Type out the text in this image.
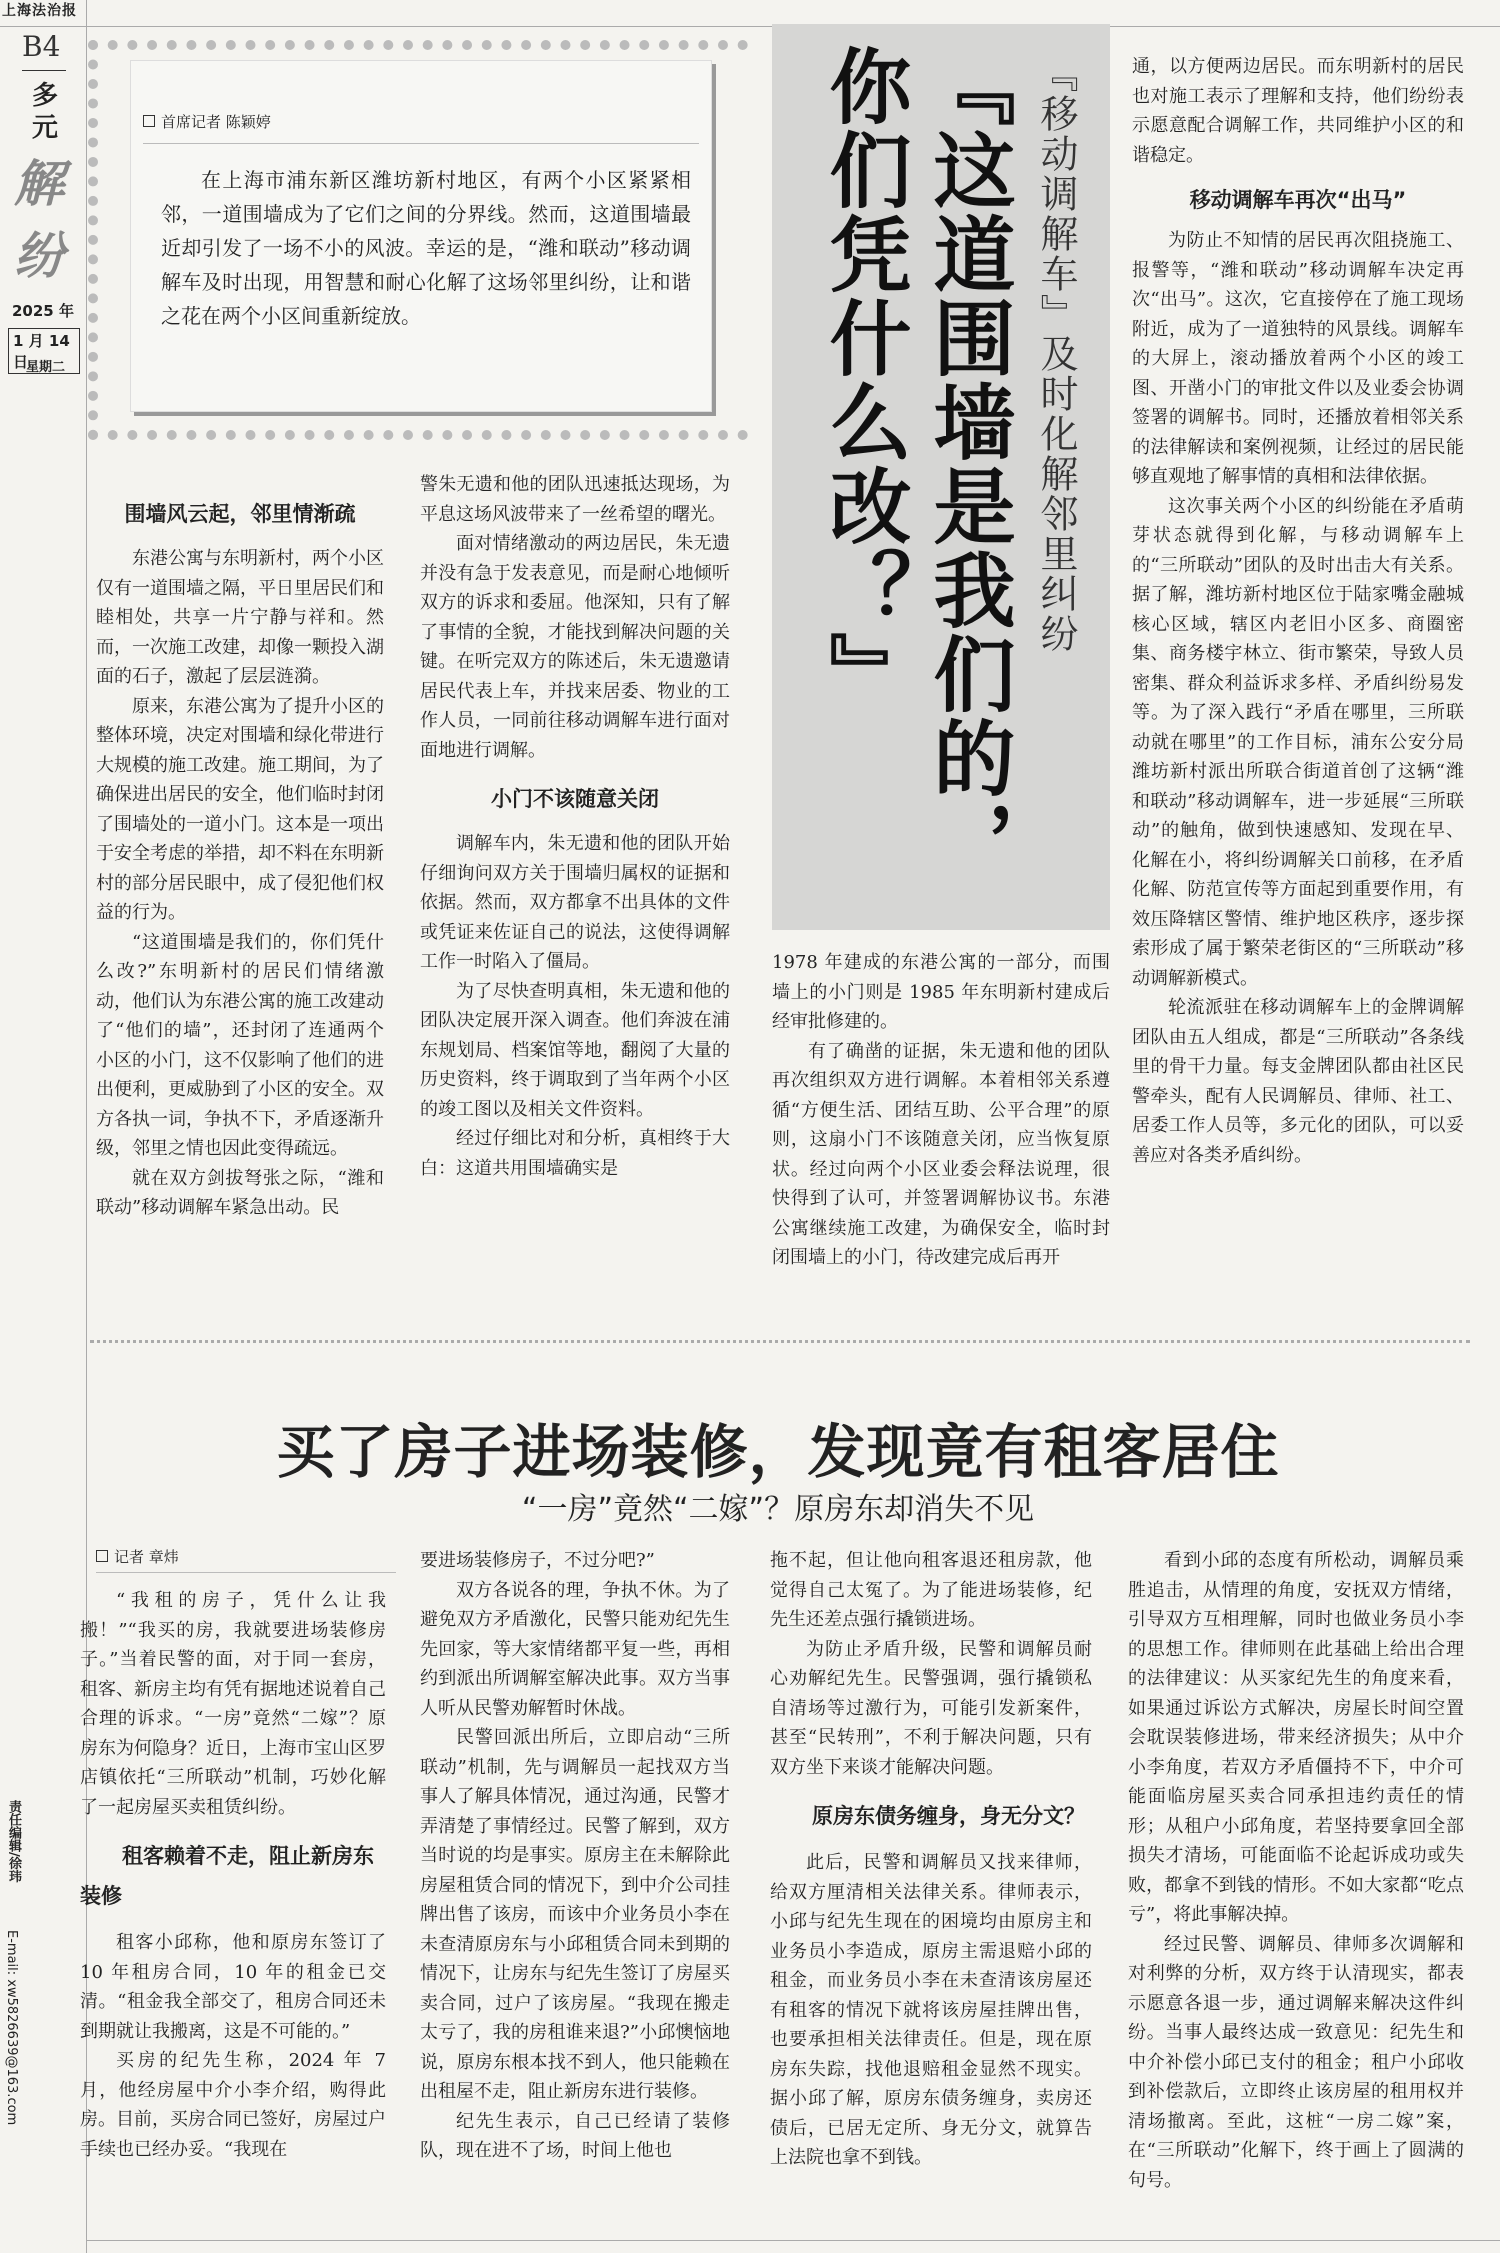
上海法治报
B4
多元
解纷
2025 年
1 月 14 日
星期二
责任编辑/徐玮
E-mail: xw5826639@163.com
首席记者 陈颖婷

在上海市浦东新区潍坊新村地区，有两个小区紧紧相邻，一道围墙成为了它们之间的分界线。然而，这道围墙最近却引发了一场不小的风波。幸运的是，“潍和联动”移动调解车及时出现，用智慧和耐心化解了这场邻里纠纷，让和谐之花在两个小区间重新绽放。	『移动调解车』及时化解邻里纠纷
『这道围墙是我们的，你们凭什么改？』
围墙风云起，邻里情渐疏

东港公寓与东明新村，两个小区仅有一道围墙之隔，平日里居民们和睦相处，共享一片宁静与祥和。然而，一次施工改建，却像一颗投入湖面的石子，激起了层层涟漪。

原来，东港公寓为了提升小区的整体环境，决定对围墙和绿化带进行大规模的施工改建。施工期间，为了确保进出居民的安全，他们临时封闭了围墙处的一道小门。这本是一项出于安全考虑的举措，却不料在东明新村的部分居民眼中，成了侵犯他们权益的行为。

“这道围墙是我们的，你们凭什么改?”东明新村的居民们情绪激动，他们认为东港公寓的施工改建动了“他们的墙”，还封闭了连通两个小区的小门，这不仅影响了他们的进出便利，更威胁到了小区的安全。双方各执一词，争执不下，矛盾逐渐升级，邻里之情也因此变得疏远。

就在双方剑拔弩张之际，“潍和联动”移动调解车紧急出动。民

警朱无遗和他的团队迅速抵达现场，为平息这场风波带来了一丝希望的曙光。

面对情绪激动的两边居民，朱无遗并没有急于发表意见，而是耐心地倾听双方的诉求和委屈。他深知，只有了解了事情的全貌，才能找到解决问题的关键。在听完双方的陈述后，朱无遗邀请居民代表上车，并找来居委、物业的工作人员，一同前往移动调解车进行面对面地进行调解。

小门不该随意关闭

调解车内，朱无遗和他的团队开始仔细询问双方关于围墙归属权的证据和依据。然而，双方都拿不出具体的文件或凭证来佐证自己的说法，这使得调解工作一时陷入了僵局。

为了尽快查明真相，朱无遗和他的团队决定展开深入调查。他们奔波在浦东规划局、档案馆等地，翻阅了大量的历史资料，终于调取到了当年两个小区的竣工图以及相关文件资料。

经过仔细比对和分析，真相终于大白：这道共用围墙确实是

1978 年建成的东港公寓的一部分，而围墙上的小门则是 1985 年东明新村建成后经审批修建的。

有了确凿的证据，朱无遗和他的团队再次组织双方进行调解。本着相邻关系遵循“方便生活、团结互助、公平合理”的原则，这扇小门不该随意关闭，应当恢复原状。经过向两个小区业委会释法说理，很快得到了认可，并签署调解协议书。东港公寓继续施工改建，为确保安全，临时封闭围墙上的小门，待改建完成后再开

通，以方便两边居民。而东明新村的居民也对施工表示了理解和支持，他们纷纷表示愿意配合调解工作，共同维护小区的和谐稳定。

移动调解车再次“出马”

为防止不知情的居民再次阻挠施工、报警等，“潍和联动”移动调解车决定再次“出马”。这次，它直接停在了施工现场附近，成为了一道独特的风景线。调解车的大屏上，滚动播放着两个小区的竣工图、开凿小门的审批文件以及业委会协调签署的调解书。同时，还播放着相邻关系的法律解读和案例视频，让经过的居民能够直观地了解事情的真相和法律依据。

这次事关两个小区的纠纷能在矛盾萌芽状态就得到化解，与移动调解车上的“三所联动”团队的及时出击大有关系。据了解，潍坊新村地区位于陆家嘴金融城核心区域，辖区内老旧小区多、商圈密集、商务楼宇林立、街市繁荣，导致人员密集、群众利益诉求多样、矛盾纠纷易发等。为了深入践行“矛盾在哪里，三所联动就在哪里”的工作目标，浦东公安分局潍坊新村派出所联合街道首创了这辆“潍和联动”移动调解车，进一步延展“三所联动”的触角，做到快速感知、发现在早、化解在小，将纠纷调解关口前移，在矛盾化解、防范宣传等方面起到重要作用，有效压降辖区警情、维护地区秩序，逐步探索形成了属于繁荣老街区的“三所联动”移动调解新模式。

轮流派驻在移动调解车上的金牌调解团队由五人组成，都是“三所联动”各条线里的骨干力量。每支金牌团队都由社区民警牵头，配有人民调解员、律师、社工、居委工作人员等，多元化的团队，可以妥善应对各类矛盾纠纷。

买了房子进场装修，发现竟有租客居住
“一房”竟然“二嫁”？原房东却消失不见
记者 章炜

“我租的房子，凭什么让我搬！”“我买的房，我就要进场装修房子。”当着民警的面，对于同一套房，租客、新房主均有凭有据地述说着自己合理的诉求。“一房”竟然“二嫁”？原房东为何隐身？近日，上海市宝山区罗店镇依托“三所联动”机制，巧妙化解了一起房屋买卖租赁纠纷。

租客赖着不走，阻止新房东装修

租客小邱称，他和原房东签订了 10 年租房合同，10 年的租金已交清。“租金我全部交了，租房合同还未到期就让我搬离，这是不可能的。”

买房的纪先生称，2024 年 7 月，他经房屋中介小李介绍，购得此房。目前，买房合同已签好，房屋过户手续也已经办妥。“我现在

要进场装修房子，不过分吧?”

双方各说各的理，争执不休。为了避免双方矛盾激化，民警只能劝纪先生先回家，等大家情绪都平复一些，再相约到派出所调解室解决此事。双方当事人听从民警劝解暂时休战。

民警回派出所后，立即启动“三所联动”机制，先与调解员一起找双方当事人了解具体情况，通过沟通，民警才弄清楚了事情经过。民警了解到，双方当时说的均是事实。原房主在未解除此房屋租赁合同的情况下，到中介公司挂牌出售了该房，而该中介业务员小李在未查清原房东与小邱租赁合同未到期的情况下，让房东与纪先生签订了房屋买卖合同，过户了该房屋。“我现在搬走太亏了，我的房租谁来退?”小邱懊恼地说，原房东根本找不到人，他只能赖在出租屋不走，阻止新房东进行装修。

纪先生表示，自己已经请了装修队，现在进不了场，时间上他也

拖不起，但让他向租客退还租房款，他觉得自己太冤了。为了能进场装修，纪先生还差点强行撬锁进场。

为防止矛盾升级，民警和调解员耐心劝解纪先生。民警强调，强行撬锁私自清场等过激行为，可能引发新案件，甚至“民转刑”，不利于解决问题，只有双方坐下来谈才能解决问题。

原房东债务缠身，身无分文？

此后，民警和调解员又找来律师，给双方厘清相关法律关系。律师表示，小邱与纪先生现在的困境均由原房主和业务员小李造成，原房主需退赔小邱的租金，而业务员小李在未查清该房屋还有租客的情况下就将该房屋挂牌出售，也要承担相关法律责任。但是，现在原房东失踪，找他退赔租金显然不现实。据小邱了解，原房东债务缠身，卖房还债后，已居无定所、身无分文，就算告上法院也拿不到钱。

看到小邱的态度有所松动，调解员乘胜追击，从情理的角度，安抚双方情绪，引导双方互相理解，同时也做业务员小李的思想工作。律师则在此基础上给出合理的法律建议：从买家纪先生的角度来看，如果通过诉讼方式解决，房屋长时间空置会耽误装修进场，带来经济损失；从中介小李角度，若双方矛盾僵持不下，中介可能面临房屋买卖合同承担违约责任的情形；从租户小邱角度，若坚持要拿回全部损失才清场，可能面临不论起诉成功或失败，都拿不到钱的情形。不如大家都“吃点亏”，将此事解决掉。

经过民警、调解员、律师多次调解和对利弊的分析，双方终于认清现实，都表示愿意各退一步，通过调解来解决这件纠纷。当事人最终达成一致意见：纪先生和中介补偿小邱已支付的租金；租户小邱收到补偿款后，立即终止该房屋的租用权并清场撤离。至此，这桩“一房二嫁”案，在“三所联动”化解下，终于画上了圆满的句号。
